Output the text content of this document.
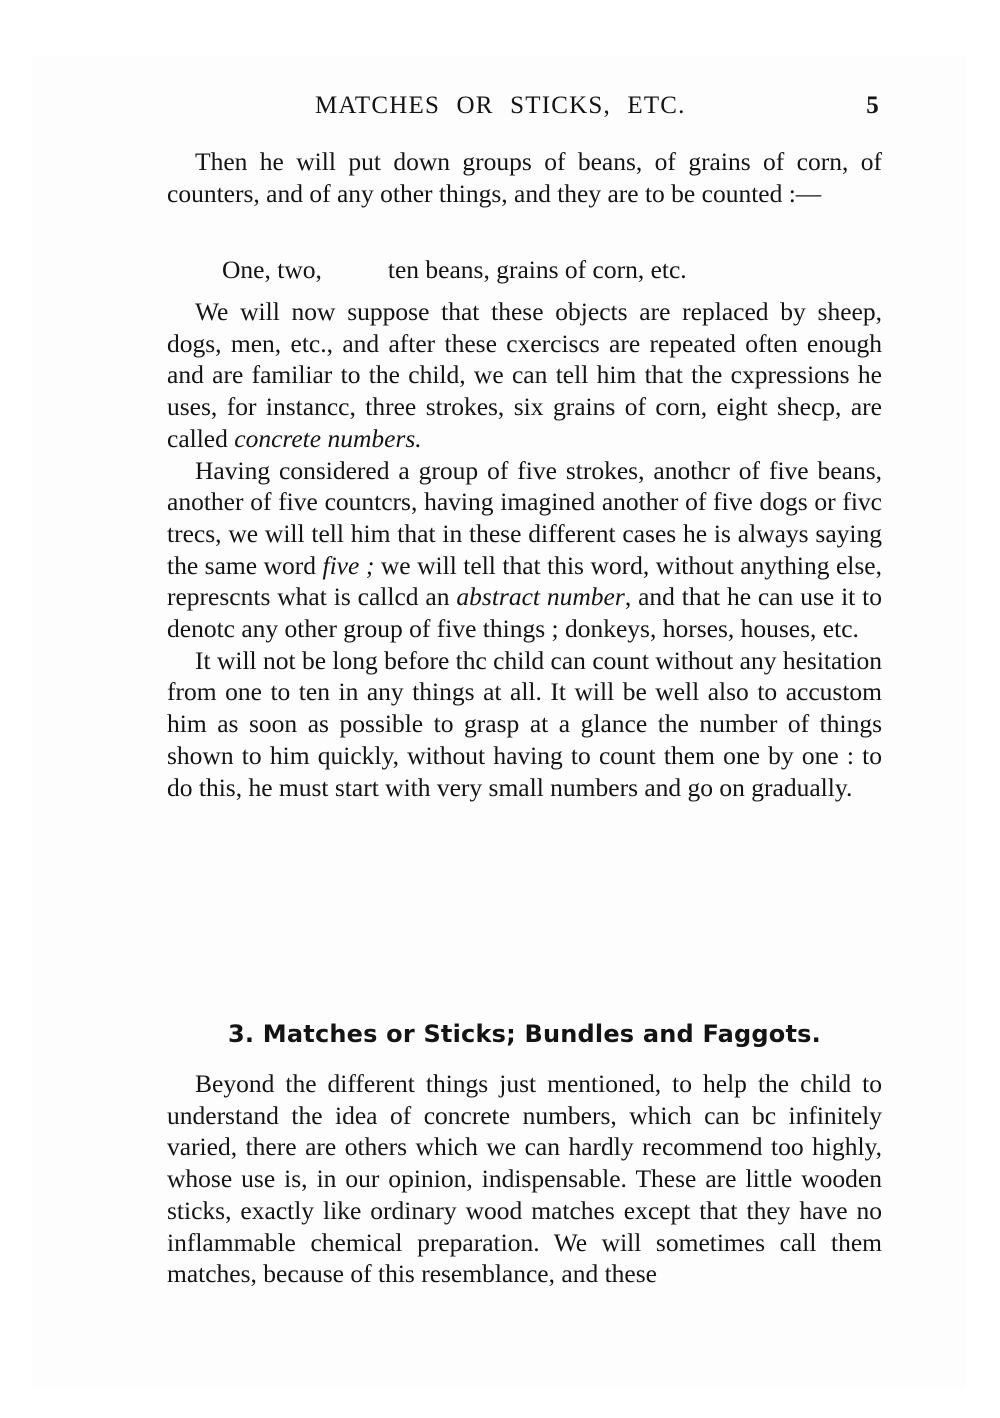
MATCHES OR STICKS, ETC.	5

Then he will put down groups of beans, of grains of corn, of counters, and of any other things, and they are to be counted :—

One, two,	ten beans, grains of corn, etc.

We will now suppose that these objects are replaced by sheep, dogs, men, etc., and after these cxerciscs are repeated often enough and are familiar to the child, we can tell him that the cxpressions he uses, for instancc, three strokes, six grains of corn, eight shecp, are called concrete numbers.

Having considered a group of five strokes, anothcr of five beans, another of five countcrs, having imagined another of five dogs or fivc trecs, we will tell him that in these different cases he is always saying the same word five ; we will tell that this word, without anything else, represcnts what is callcd an abstract number, and that he can use it to denotc any other group of five things ; donkeys, horses, houses, etc.

It will not be long before thc child can count without any hesitation from one to ten in any things at all. It will be well also to accustom him as soon as possible to grasp at a glance the number of things shown to him quickly, without having to count them one by one : to do this, he must start with very small numbers and go on gradually.

3. Matches or Sticks; Bundles and Faggots.

Beyond the different things just mentioned, to help the child to understand the idea of concrete numbers, which can bc infinitely varied, there are others which we can hardly recommend too highly, whose use is, in our opinion, indispensable. These are little wooden sticks, exactly like ordinary wood matches except that they have no inflammable chemical preparation. We will sometimes call them matches, because of this resemblance, and these
